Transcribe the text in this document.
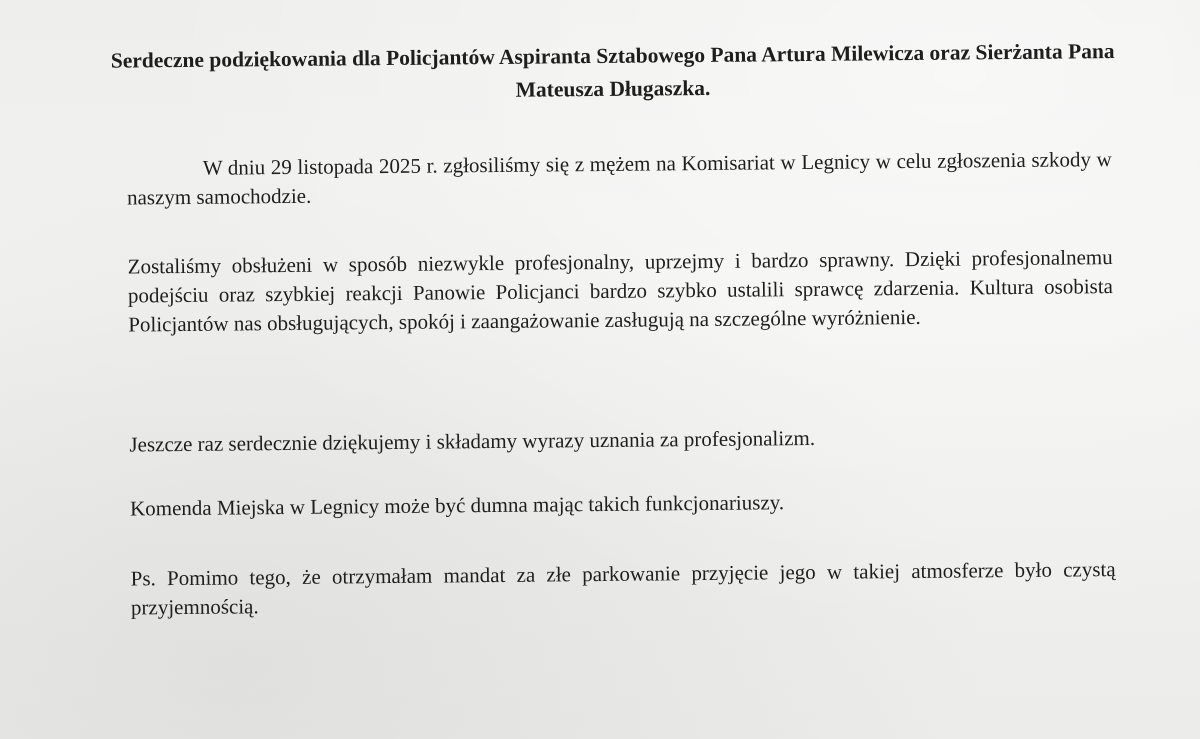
Serdeczne podziękowania dla Policjantów Aspiranta Sztabowego Pana Artura Milewicza oraz Sierżanta Pana Mateusza Długaszka.

W dniu 29 listopada 2025 r. zgłosiliśmy się z mężem na Komisariat w Legnicy w celu zgłoszenia szkody w naszym samochodzie.

Zostaliśmy obsłużeni w sposób niezwykle profesjonalny, uprzejmy i bardzo sprawny. Dzięki profesjonalnemu podejściu oraz szybkiej reakcji Panowie Policjanci bardzo szybko ustalili sprawcę zdarzenia. Kultura osobista Policjantów nas obsługujących, spokój i zaangażowanie zasługują na szczególne wyróżnienie.

Jeszcze raz serdecznie dziękujemy i składamy wyrazy uznania za profesjonalizm.

Komenda Miejska w Legnicy może być dumna mając takich funkcjonariuszy.

Ps. Pomimo tego, że otrzymałam mandat za złe parkowanie przyjęcie jego w takiej atmosferze było czystą przyjemnością.
